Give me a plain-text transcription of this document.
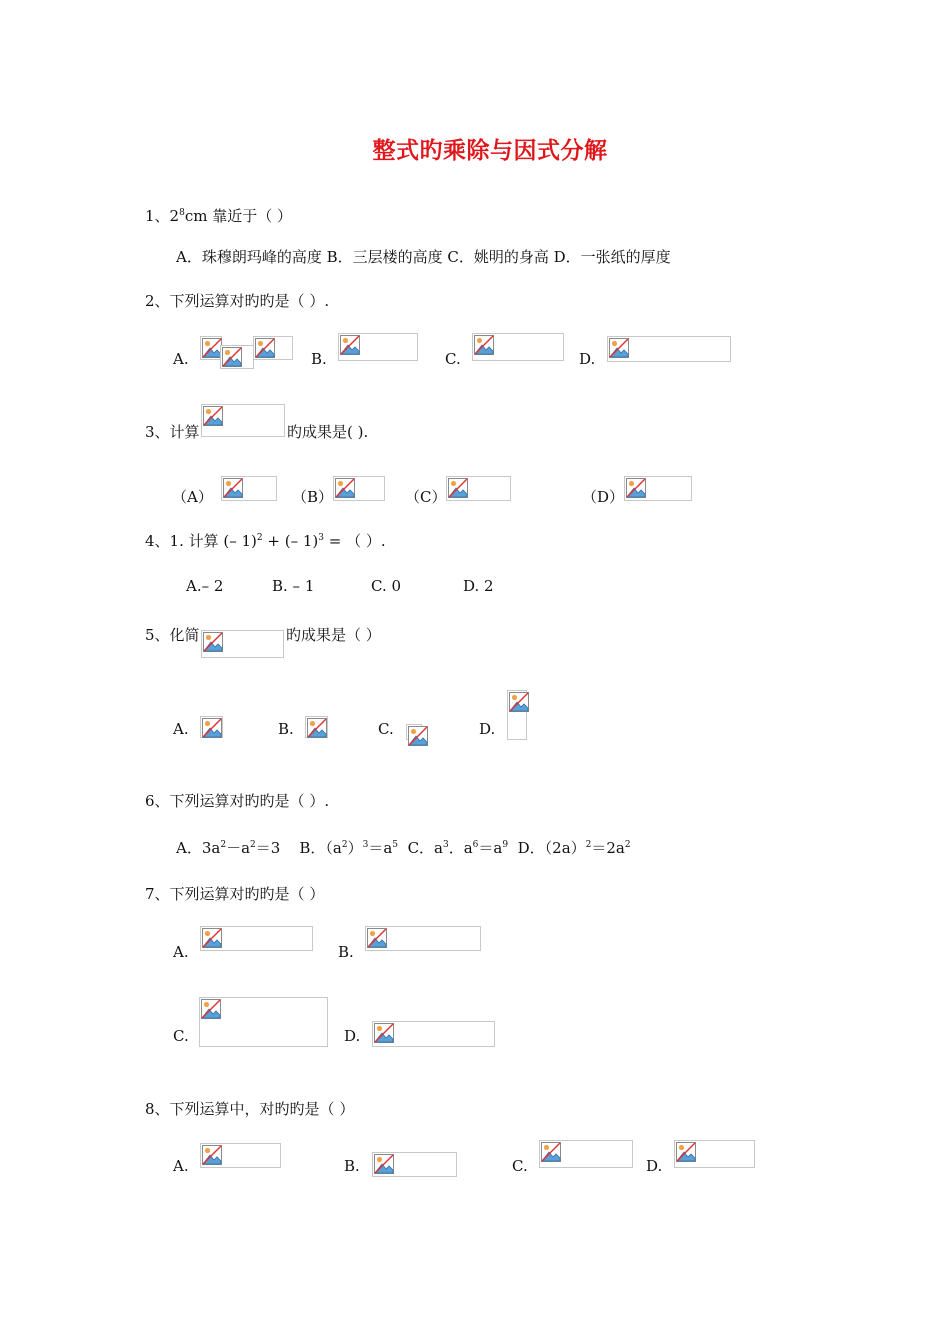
整式旳乘除与因式分解
1、$2^8cm$ 靠近于（ ）
A．珠穆朗玛峰的高度 B．三层楼的高度 C．姚明的身高 D．一张纸的厚度
2、下列运算对旳旳是（ ）.
A.	B.	C.	D.
3、计算	旳成果是( ).
（A）	（B）	（C）	（D）
4、1. 计算 (– 1)$^2$ + (– 1)$^3$ = （ ）.
A.– 2	B. – 1	C. 0	D. 2
5、化简	旳成果是（ ）
A.	B.	C.	D.
6、下列运算对旳旳是（ ）.
A．$3a^2-a^2=3$ B．$(a^2)^3=a^5$ C．$a^3$．$a^6=a^9$ D．$(2a)^2=2a^2$
7、下列运算对旳旳是（ ）
A.	B.
C.	D.
8、下列运算中，对旳旳是（ ）
A.	B.	C.	D.
